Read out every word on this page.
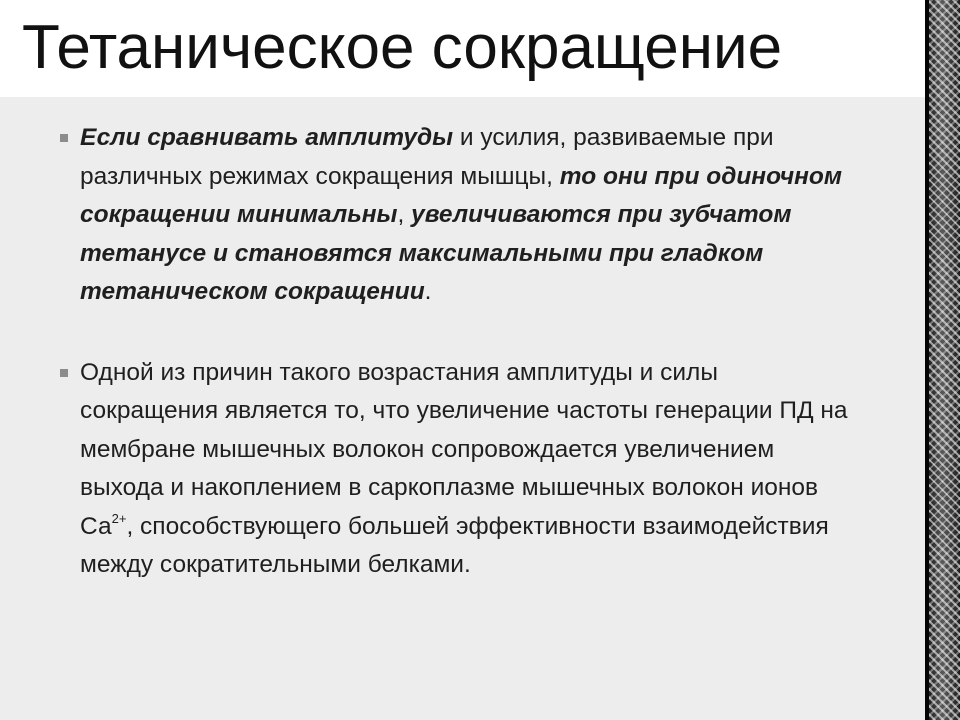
Тетаническое сокращение
Если сравнивать амплитуды и усилия, развиваемые при различных режимах сокращения мышцы, то они при одиночном сокращении минимальны, увеличиваются при зубчатом тетанусе и становятся максимальными при гладком тетаническом сокращении.
Одной из причин такого возрастания амплитуды и силы сокращения является то, что увеличение частоты генерации ПД на мембране мышечных волокон сопровождается увеличением выхода и накоплением в саркоплазме мышечных волокон ионов $Са^{2+}$, способствующего большей эффективности взаимодействия между сократительными белками.
